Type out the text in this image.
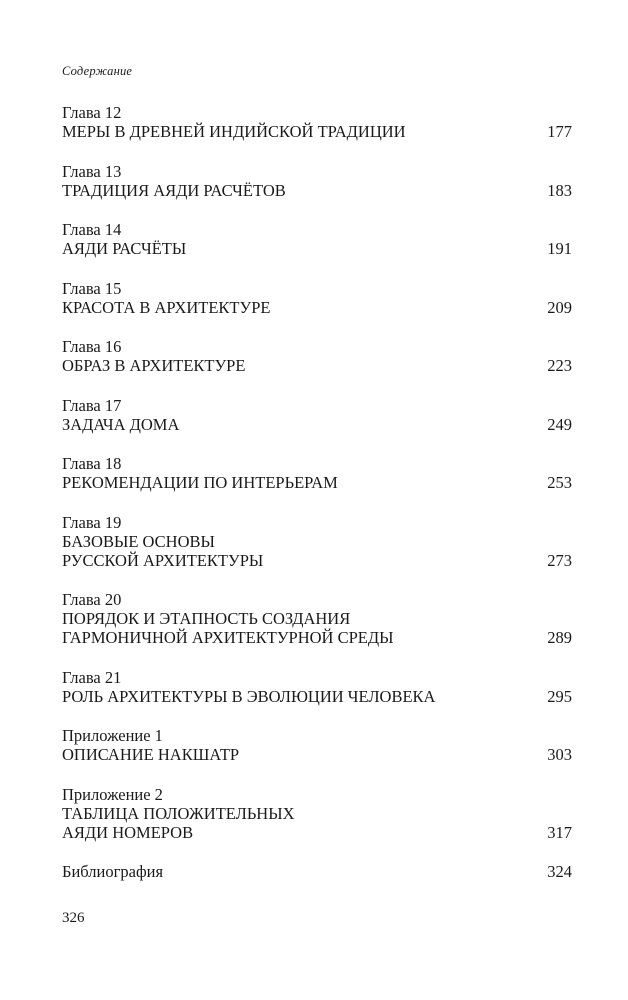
Содержание
Глава 12
МЕРЫ В ДРЕВНЕЙ ИНДИЙСКОЙ ТРАДИЦИИ	177
Глава 13
ТРАДИЦИЯ АЯДИ РАСЧЁТОВ	183
Глава 14
АЯДИ РАСЧЁТЫ	191
Глава 15
КРАСОТА В АРХИТЕКТУРЕ	209
Глава 16
ОБРАЗ В АРХИТЕКТУРЕ	223
Глава 17
ЗАДАЧА ДОМА	249
Глава 18
РЕКОМЕНДАЦИИ ПО ИНТЕРЬЕРАМ	253
Глава 19
БАЗОВЫЕ ОСНОВЫ
РУССКОЙ АРХИТЕКТУРЫ	273
Глава 20
ПОРЯДОК И ЭТАПНОСТЬ СОЗДАНИЯ
ГАРМОНИЧНОЙ АРХИТЕКТУРНОЙ СРЕДЫ	289
Глава 21
РОЛЬ АРХИТЕКТУРЫ В ЭВОЛЮЦИИ ЧЕЛОВЕКА	295
Приложение 1
ОПИСАНИЕ НАКШАТР	303
Приложение 2
ТАБЛИЦА ПОЛОЖИТЕЛЬНЫХ
АЯДИ НОМЕРОВ	317
Библиография	324
326
